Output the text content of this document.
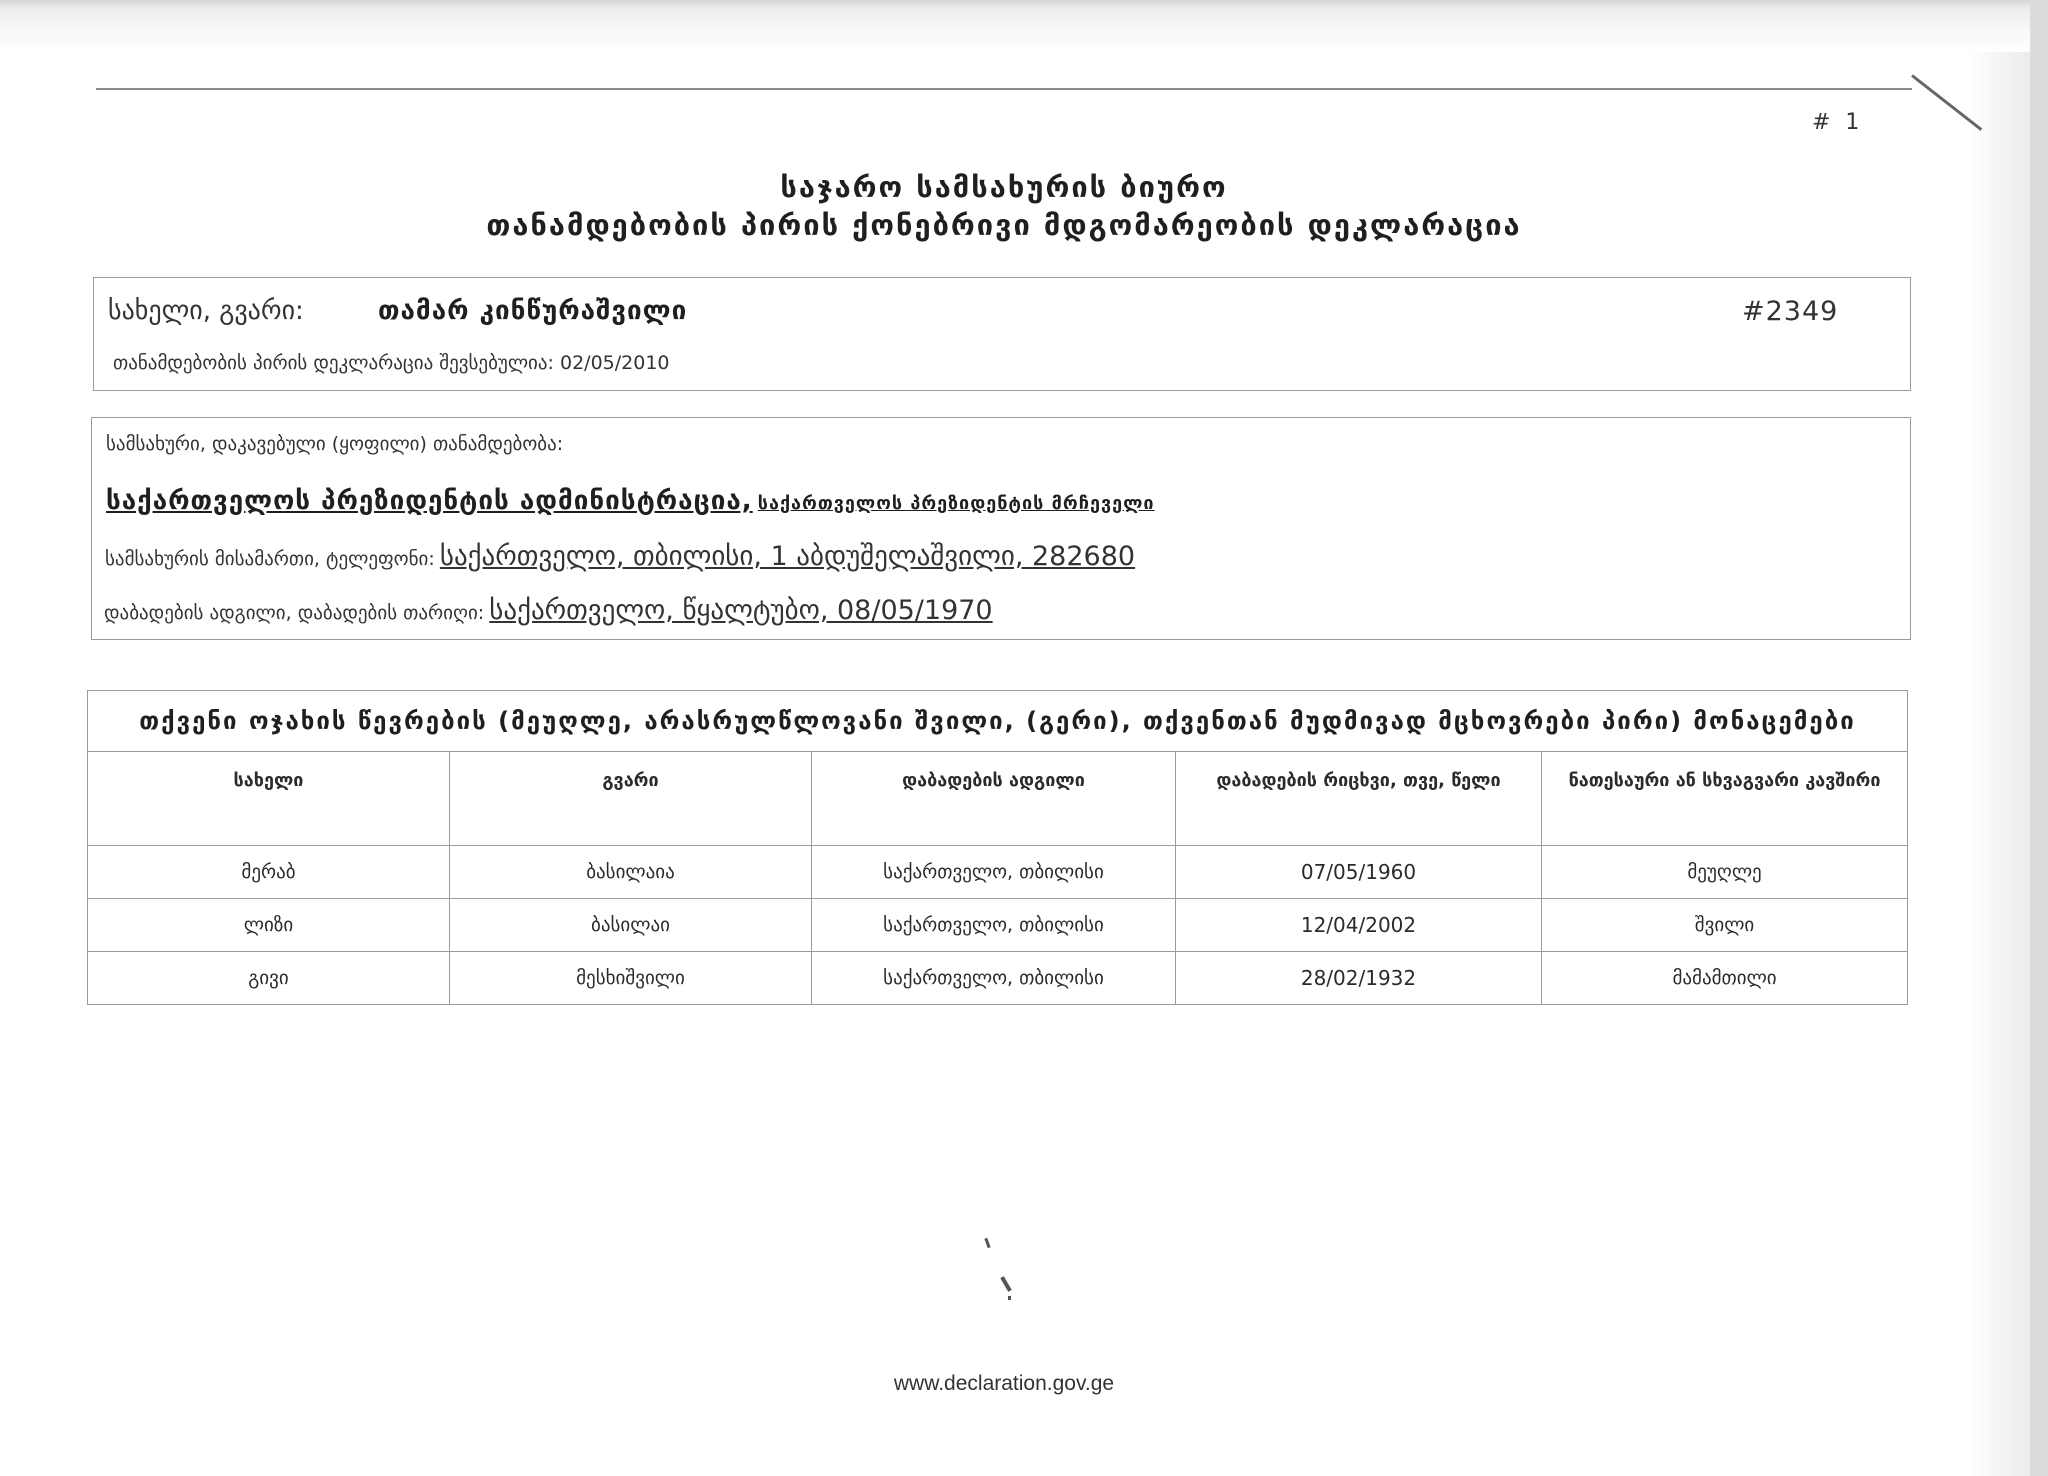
# 1
საჯარო სამსახურის ბიურო
თანამდებობის პირის ქონებრივი მდგომარეობის დეკლარაცია
სახელი, გვარი:	თამარ კინწურაშვილი	#2349
თანამდებობის პირის დეკლარაცია შევსებულია: 02/05/2010
სამსახური, დაკავებული (ყოფილი) თანამდებობა:
საქართველოს პრეზიდენტის ადმინისტრაცია, საქართველოს პრეზიდენტის მრჩეველი
სამსახურის მისამართი, ტელეფონი: საქართველო, თბილისი, 1 აბდუშელაშვილი, 282680
დაბადების ადგილი, დაბადების თარიღი: საქართველო, წყალტუბო, 08/05/1970
თქვენი ოჯახის წევრების (მეუღლე, არასრულწლოვანი შვილი, (გერი), თქვენთან მუდმივად მცხოვრები პირი) მონაცემები				
სახელი	გვარი	დაბადების ადგილი	დაბადების რიცხვი, თვე, წელი	ნათესაური ან სხვაგვარი კავშირი
მერაბ	ბასილაია	საქართველო, თბილისი	07/05/1960	მეუღლე
ლიზი	ბასილაი	საქართველო, თბილისი	12/04/2002	შვილი
გივი	მესხიშვილი	საქართველო, თბილისი	28/02/1932	მამამთილი
www.declaration.gov.ge
